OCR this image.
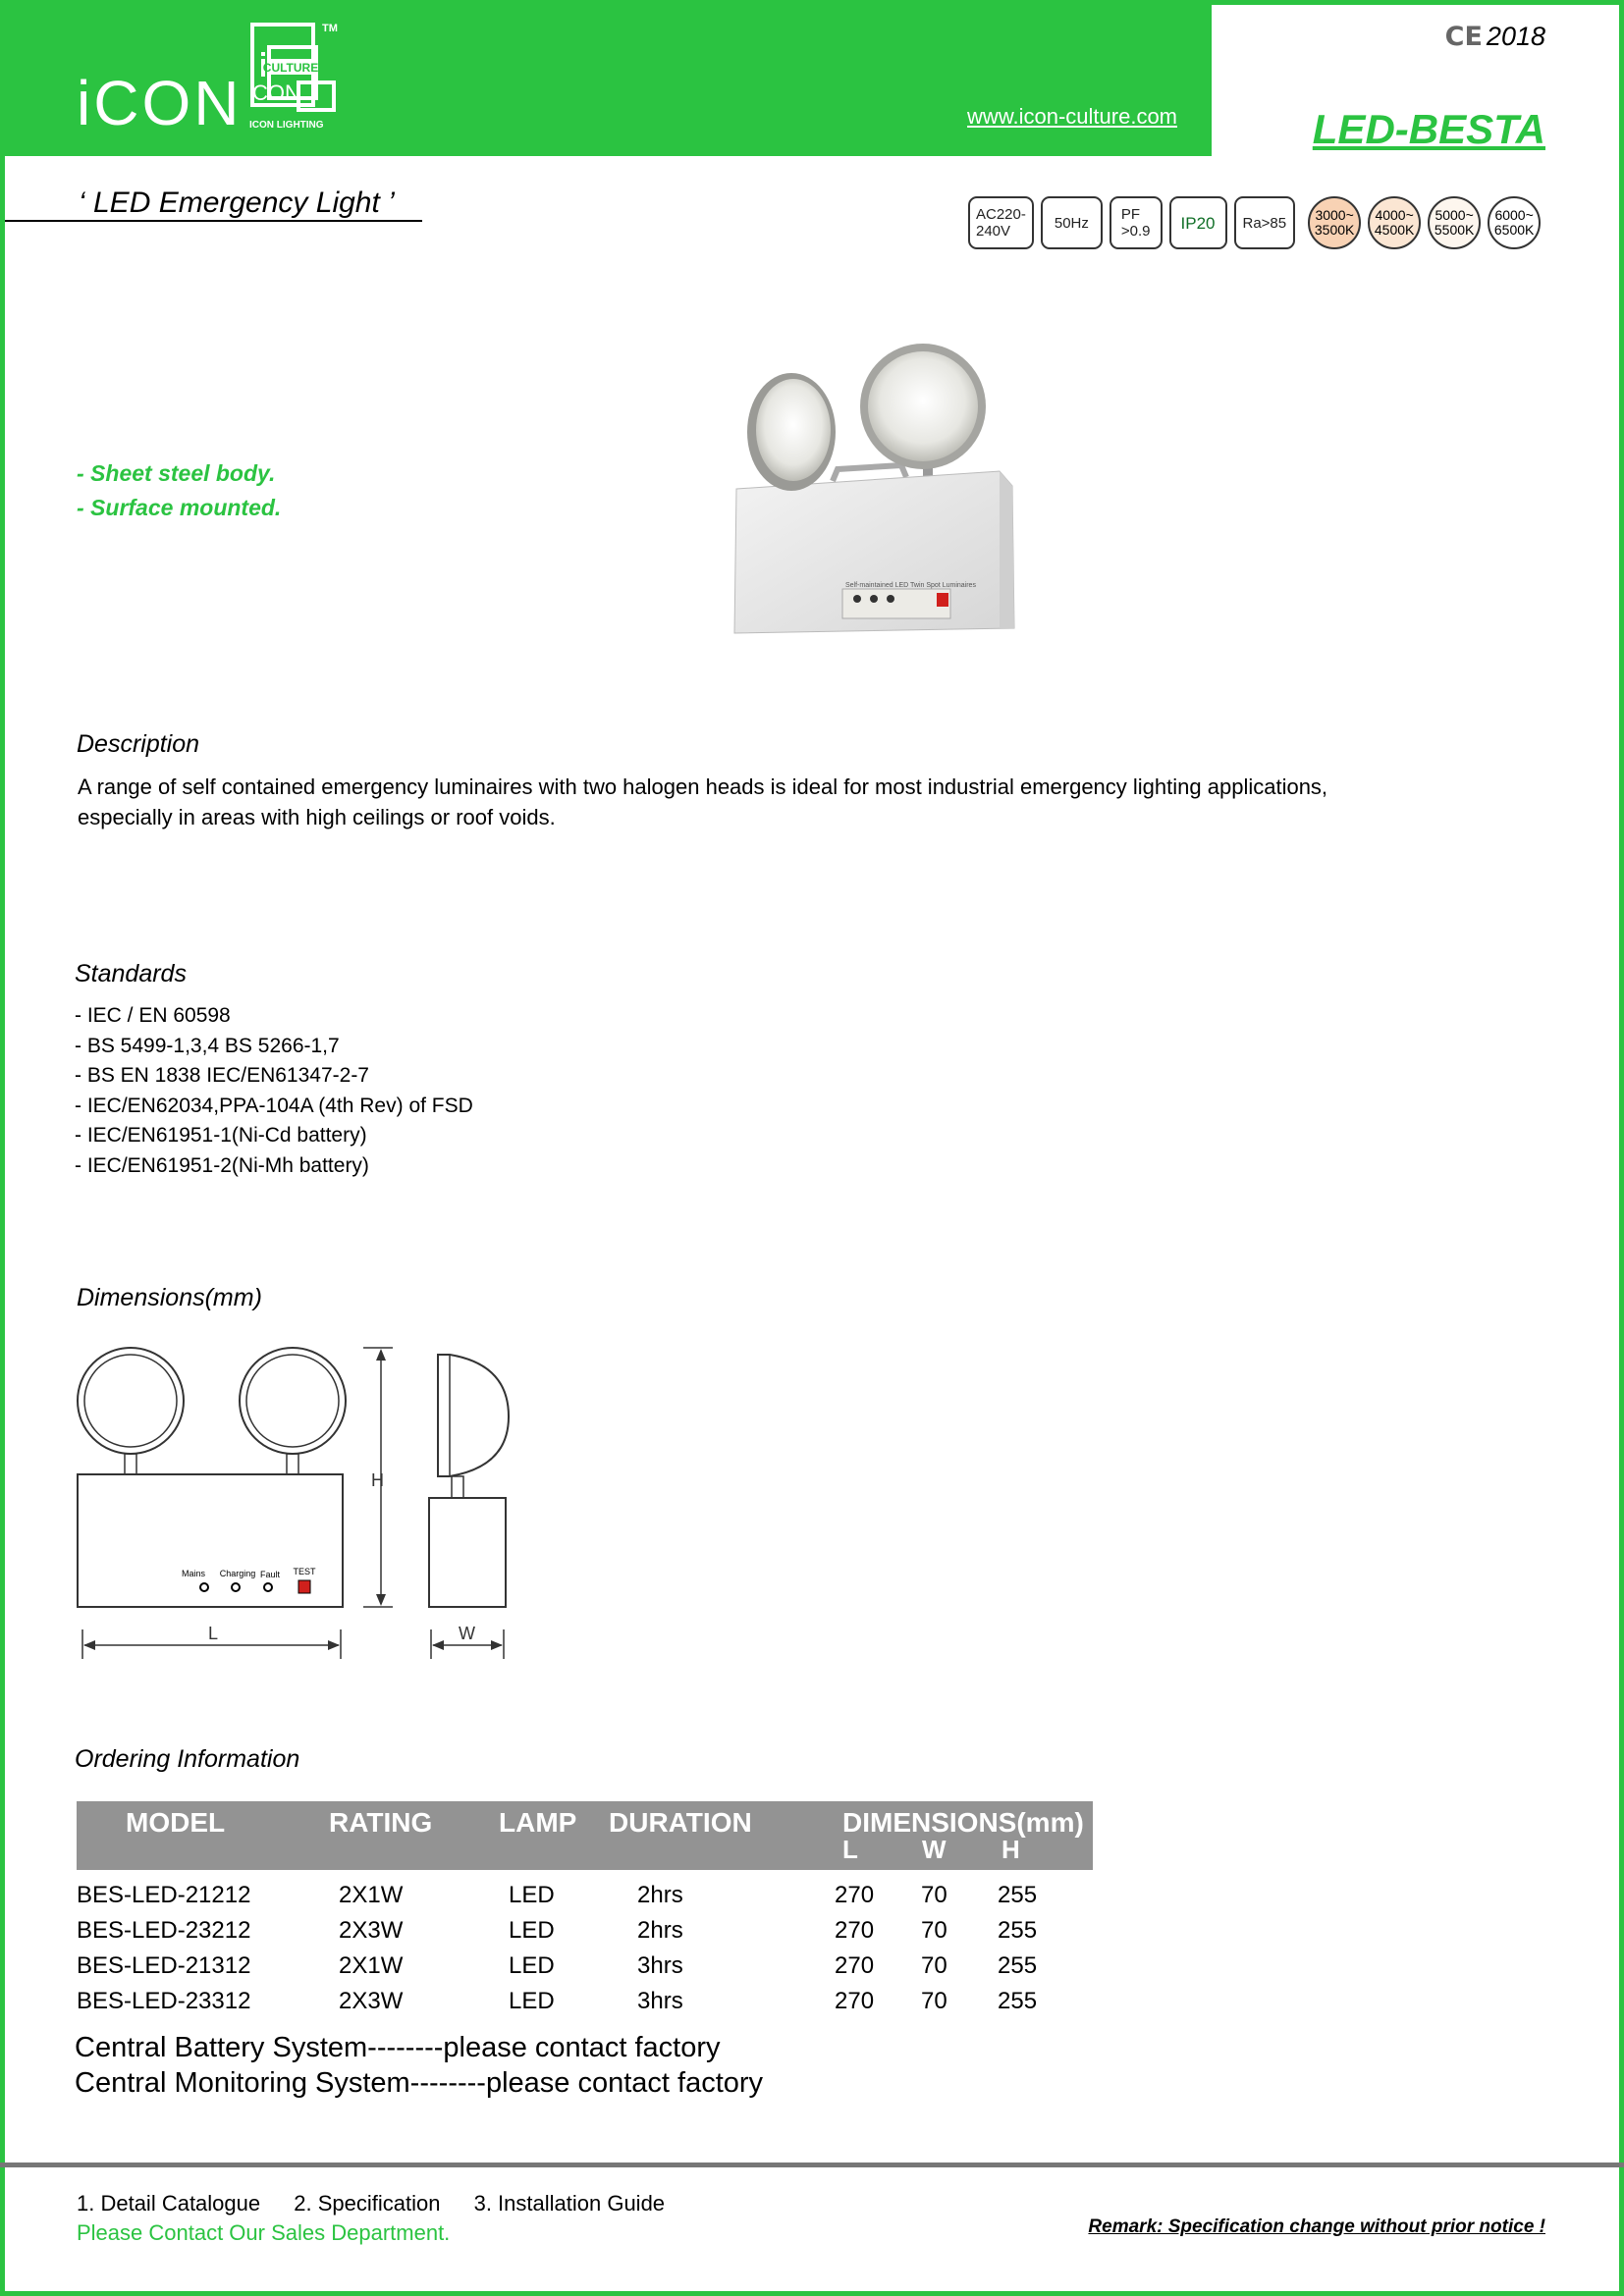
iCON CULTURE
CON
ICON LIGHTING
TM
www.icon-culture.com
CE 2018
LED-BESTA
‘ LED Emergency Light ’	AC220-
240V	50Hz PF
>0.9 IP20 Ra>85 3000~
3500K
4000~
4500K
5000~
5500K
6000~
6500K
- Sheet steel body.
- Surface mounted.
Self-maintained LED Twin Spot Luminaires
Description
A range of self contained emergency luminaires with two halogen heads is ideal for most industrial emergency lighting applications,
especially in areas with high ceilings or roof voids.
Standards
- IEC / EN 60598
- BS 5499-1,3,4 BS 5266-1,7
- BS EN 1838 IEC/EN61347-2-7
- IEC/EN62034,PPA-104A (4th Rev) of FSD
- IEC/EN61951-1(Ni-Cd battery)
- IEC/EN61951-2(Ni-Mh battery)
Dimensions(mm)
Mains Charging Fault TEST
H
L	W
Ordering Information
MODEL	RATING LAMP DURATION	DIMENSIONS(mm)
L	W H
BES-LED-21212	2X1W	LED	2hrs	270 70 255
BES-LED-23212	2X3W	LED	2hrs	270 70 255
BES-LED-21312	2X1W	LED	3hrs	270 70 255
BES-LED-23312	2X3W	LED	3hrs	270 70 255
Central Battery System--------please contact factory
Central Monitoring System--------please contact factory
1. Detail Catalogue 2. Specification 3. Installation Guide
Please Contact Our Sales Department.	Remark: Specification change without prior notice !
